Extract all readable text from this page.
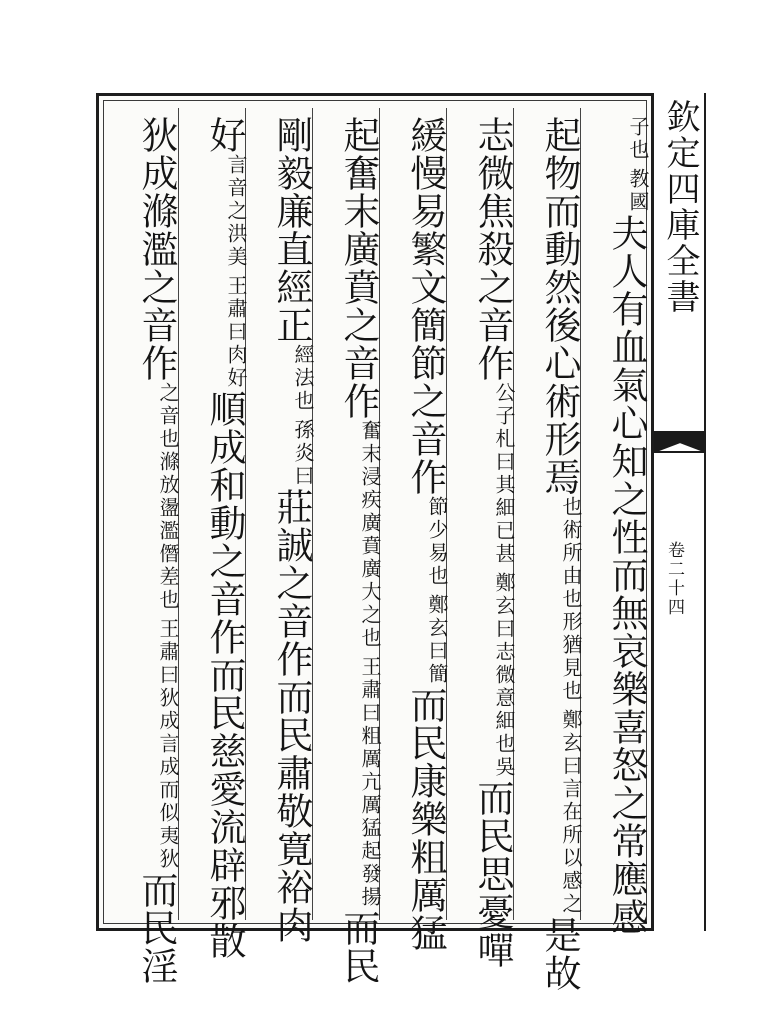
教國
子也
夫人有血氣心知之性而無哀樂喜怒之常應感
起物而動然後心術形焉
鄭玄曰言在所以感之
也術所由也形猶見也
是故
志微焦殺之音作
鄭玄曰志微意細也吳
公子札曰其細已甚
而民思憂嘽
緩慢易繁文簡節之音作
鄭玄曰簡
節少易也
而民康樂粗厲猛
起奮末廣賁之音作
王肅曰粗厲亢厲猛起發揚
奮末浸疾廣賁廣大之也
而民
剛毅廉直經正
孫炎曰
經法也
莊誠之音作而民肅敬寛裕肉
好
王肅曰肉好
言音之洪美
順成和動之音作而民慈愛流辟邪散
狄成滌濫之音作
王肅曰狄成言成而似夷狄
之音也滌放盪濫僭差也
而民淫
欽定四庫全書
卷二十四
